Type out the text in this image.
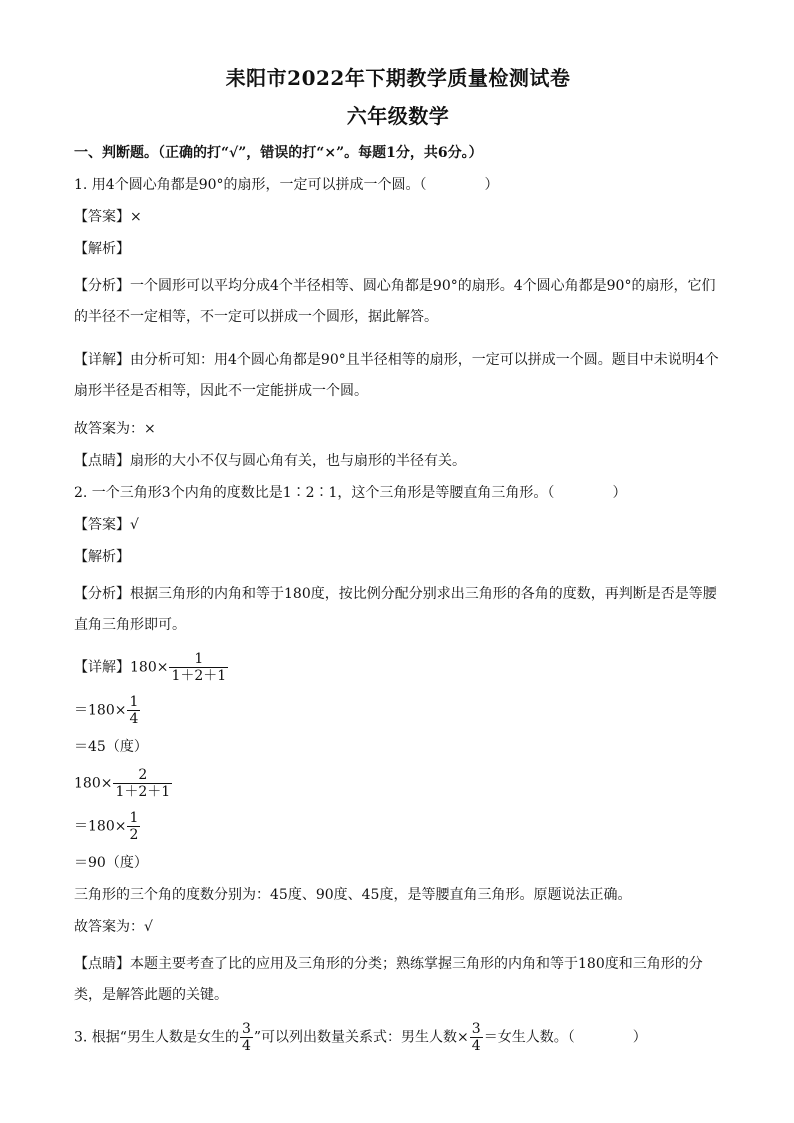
耒阳市2022年下期教学质量检测试卷

六年级数学

一、判断题。（正确的打“√”，错误的打“×”。每题1分，共6分。）

1. 用4个圆心角都是90°的扇形，一定可以拼成一个圆。（	）

【答案】×

【解析】

【分析】一个圆形可以平均分成4个半径相等、圆心角都是90°的扇形。4个圆心角都是90°的扇形，它们的半径不一定相等，不一定可以拼成一个圆形，据此解答。

【详解】由分析可知：用4个圆心角都是90°且半径相等的扇形，一定可以拼成一个圆。题目中未说明4个扇形半径是否相等，因此不一定能拼成一个圆。

故答案为：×

【点睛】扇形的大小不仅与圆心角有关，也与扇形的半径有关。

2. 一个三角形3个内角的度数比是1∶2∶1，这个三角形是等腰直角三角形。（	）

【答案】√

【解析】

【分析】根据三角形的内角和等于180度，按比例分配分别求出三角形的各角的度数，再判断是否是等腰直角三角形即可。

【详解】$180\times \frac{1}{1+2+1}$

$=180\times \frac{1}{4}$

＝45（度）

$180\times \frac{2}{1+2+1}$

$=180\times \frac{1}{2}$

＝90（度）

三角形的三个角的度数分别为：45度、90度、45度，是等腰直角三角形。原题说法正确。

故答案为：√

【点睛】本题主要考查了比的应用及三角形的分类；熟练掌握三角形的内角和等于180度和三角形的分类，是解答此题的关键。

3. 根据“男生人数是女生的 $\frac{3}{4}$ ”可以列出数量关系式：男生人数× $\frac{3}{4}$ ＝女生人数。（	）
